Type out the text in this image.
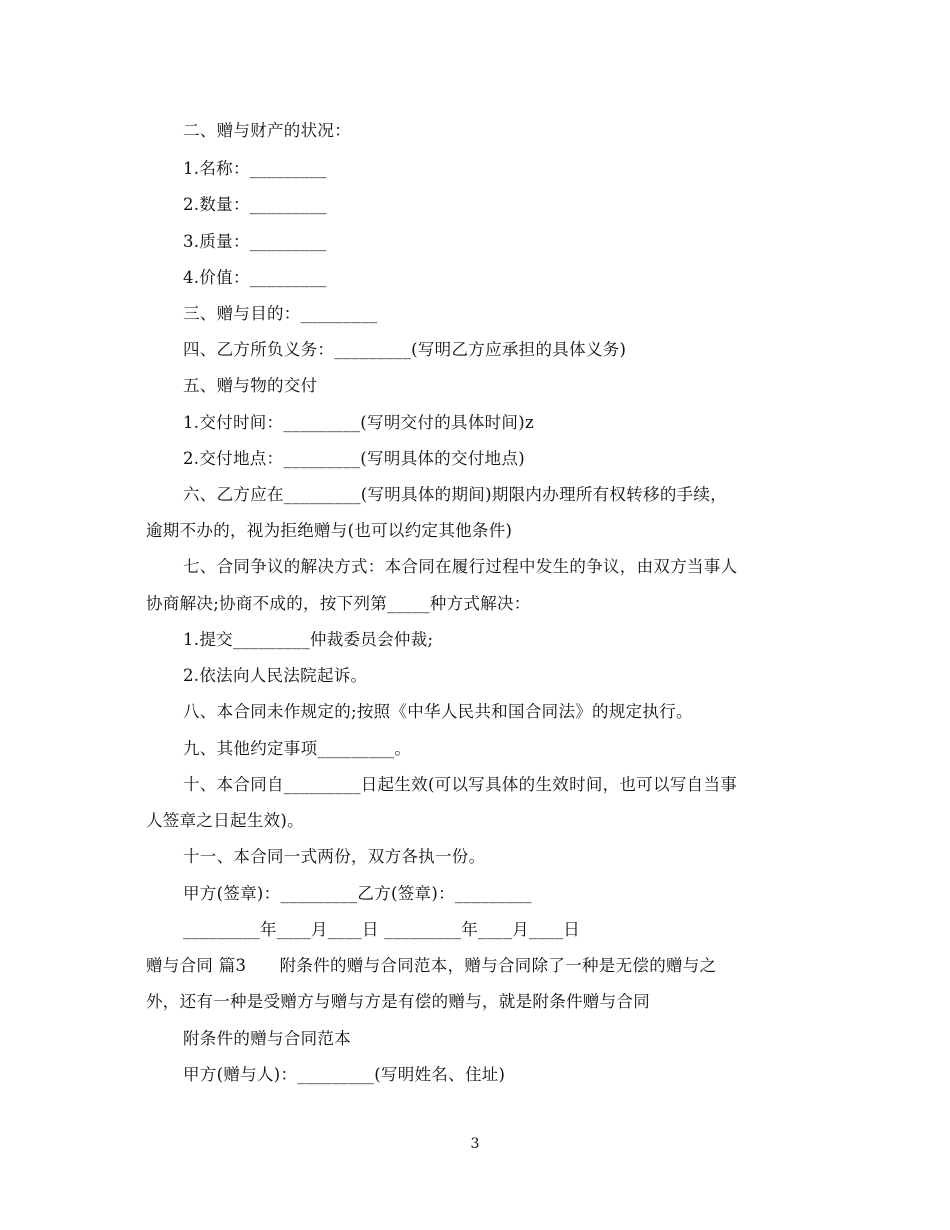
二、赠与财产的状况：
1.名称：_________
2.数量：_________
3.质量：_________
4.价值：_________
三、赠与目的：_________
四、乙方所负义务：_________(写明乙方应承担的具体义务)
五、赠与物的交付
1.交付时间：_________(写明交付的具体时间)z
2.交付地点：_________(写明具体的交付地点)
六、乙方应在_________(写明具体的期间)期限内办理所有权转移的手续，
逾期不办的，视为拒绝赠与(也可以约定其他条件)
七、合同争议的解决方式：本合同在履行过程中发生的争议，由双方当事人
协商解决;协商不成的，按下列第_____种方式解决：
1.提交_________仲裁委员会仲裁;
2.依法向人民法院起诉。
八、本合同未作规定的;按照《中华人民共和国合同法》的规定执行。
九、其他约定事项_________。
十、本合同自_________日起生效(可以写具体的生效时间，也可以写自当事
人签章之日起生效)。
十一、本合同一式两份，双方各执一份。
甲方(签章)：_________乙方(签章)：_________
_________年____月____日 _________年____月____日
赠与合同 篇3      附条件的赠与合同范本，赠与合同除了一种是无偿的赠与之
外，还有一种是受赠方与赠与方是有偿的赠与，就是附条件赠与合同
附条件的赠与合同范本
甲方(赠与人)：_________(写明姓名、住址)
3
